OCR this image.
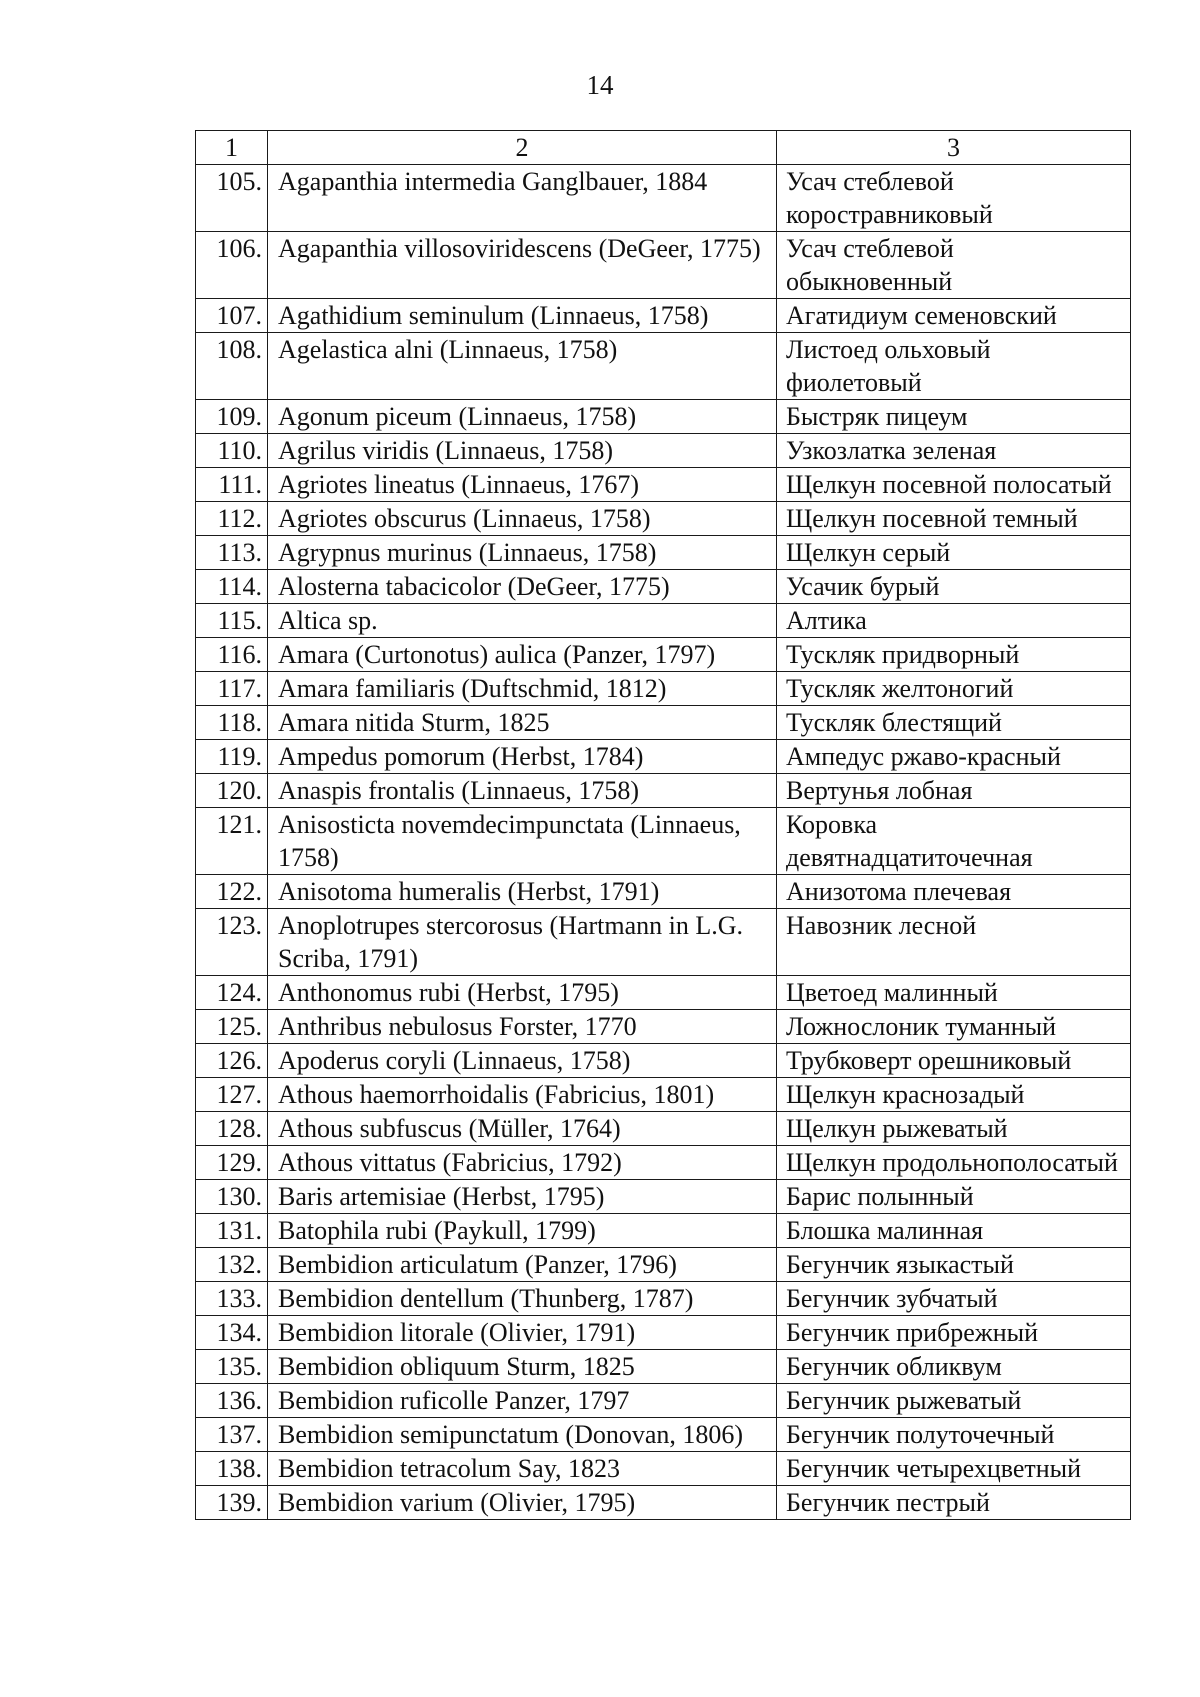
14
1	2	3
105.	Agapanthia intermedia Ganglbauer, 1884	Усач стеблевой коростравниковый
106.	Agapanthia villosoviridescens (DeGeer, 1775)	Усач стеблевой обыкновенный
107.	Agathidium seminulum (Linnaeus, 1758)	Агатидиум семеновский
108.	Agelastica alni (Linnaeus, 1758)	Листоед ольховый фиолетовый
109.	Agonum piceum (Linnaeus, 1758)	Быстряк пицеум
110.	Agrilus viridis (Linnaeus, 1758)	Узкозлатка зеленая
111.	Agriotes lineatus (Linnaeus, 1767)	Щелкун посевной полосатый
112.	Agriotes obscurus (Linnaeus, 1758)	Щелкун посевной темный
113.	Agrypnus murinus (Linnaeus, 1758)	Щелкун серый
114.	Alosterna tabacicolor (DeGeer, 1775)	Усачик бурый
115.	Altica sp.	Алтика
116.	Amara (Curtonotus) aulica (Panzer, 1797)	Тускляк придворный
117.	Amara familiaris (Duftschmid, 1812)	Тускляк желтоногий
118.	Amara nitida Sturm, 1825	Тускляк блестящий
119.	Ampedus pomorum (Herbst, 1784)	Ампедус ржаво-красный
120.	Anaspis frontalis (Linnaeus, 1758)	Вертунья лобная
121.	Anisosticta novemdecimpunctata (Linnaeus, 1758)	Коровка девятнадцатиточечная
122.	Anisotoma humeralis (Herbst, 1791)	Анизотома плечевая
123.	Anoplotrupes stercorosus (Hartmann in L.G. Scriba, 1791)	Навозник лесной
124.	Anthonomus rubi (Herbst, 1795)	Цветоед малинный
125.	Anthribus nebulosus Forster, 1770	Ложнослоник туманный
126.	Apoderus coryli (Linnaeus, 1758)	Трубковерт орешниковый
127.	Athous haemorrhoidalis (Fabricius, 1801)	Щелкун краснозадый
128.	Athous subfuscus (Müller, 1764)	Щелкун рыжеватый
129.	Athous vittatus (Fabricius, 1792)	Щелкун продольнополосатый
130.	Baris artemisiae (Herbst, 1795)	Барис полынный
131.	Batophila rubi (Paykull, 1799)	Блошка малинная
132.	Bembidion articulatum (Panzer, 1796)	Бегунчик языкастый
133.	Bembidion dentellum (Thunberg, 1787)	Бегунчик зубчатый
134.	Bembidion litorale (Olivier, 1791)	Бегунчик прибрежный
135.	Bembidion obliquum Sturm, 1825	Бегунчик обликвум
136.	Bembidion ruficolle Panzer, 1797	Бегунчик рыжеватый
137.	Bembidion semipunctatum (Donovan, 1806)	Бегунчик полуточечный
138.	Bembidion tetracolum Say, 1823	Бегунчик четырехцветный
139.	Bembidion varium (Olivier, 1795)	Бегунчик пестрый
